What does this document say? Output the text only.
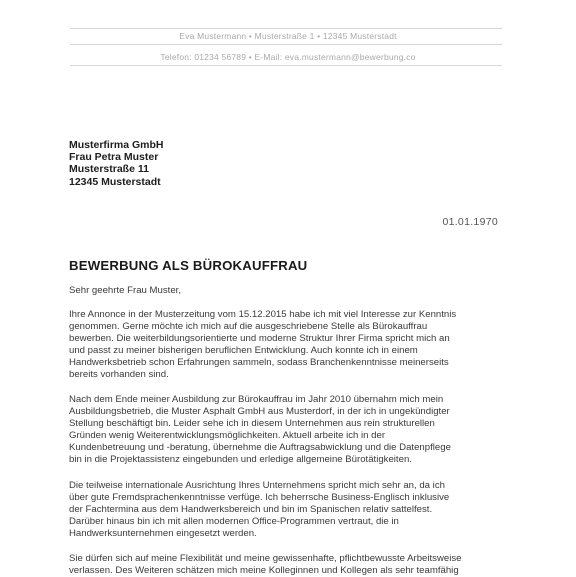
Eva Mustermann • Musterstraße 1 • 12345 Musterstadt
Telefon: 01234 56789 • E-Mail: eva.mustermann@bewerbung.co
Musterfirma GmbH
Frau Petra Muster
Musterstraße 11
12345 Musterstadt
01.01.1970
BEWERBUNG ALS BÜROKAUFFRAU
Sehr geehrte Frau Muster,
Ihre Annonce in der Musterzeitung vom 15.12.2015 habe ich mit viel Interesse zur Kenntnis
genommen. Gerne möchte ich mich auf die ausgeschriebene Stelle als Bürokauffrau
bewerben. Die weiterbildungsorientierte und moderne Struktur Ihrer Firma spricht mich an
und passt zu meiner bisherigen beruflichen Entwicklung. Auch konnte ich in einem
Handwerksbetrieb schon Erfahrungen sammeln, sodass Branchenkenntnisse meinerseits
bereits vorhanden sind.
Nach dem Ende meiner Ausbildung zur Bürokauffrau im Jahr 2010 übernahm mich mein
Ausbildungsbetrieb, die Muster Asphalt GmbH aus Musterdorf, in der ich in ungekündigter
Stellung beschäftigt bin. Leider sehe ich in diesem Unternehmen aus rein strukturellen
Gründen wenig Weiterentwicklungsmöglichkeiten. Aktuell arbeite ich in der
Kundenbetreuung und -beratung, übernehme die Auftragsabwicklung und die Datenpflege
bin in die Projektassistenz eingebunden und erledige allgemeine Bürotätigkeiten.
Die teilweise internationale Ausrichtung Ihres Unternehmens spricht mich sehr an, da ich
über gute Fremdsprachenkenntnisse verfüge. Ich beherrsche Business-Englisch inklusive
der Fachtermina aus dem Handwerksbereich und bin im Spanischen relativ sattelfest.
Darüber hinaus bin ich mit allen modernen Office-Programmen vertraut, die in
Handwerksunternehmen eingesetzt werden.
Sie dürfen sich auf meine Flexibilität und meine gewissenhafte, pflichtbewusste Arbeitsweise
verlassen. Des Weiteren schätzen mich meine Kolleginnen und Kollegen als sehr teamfähig
